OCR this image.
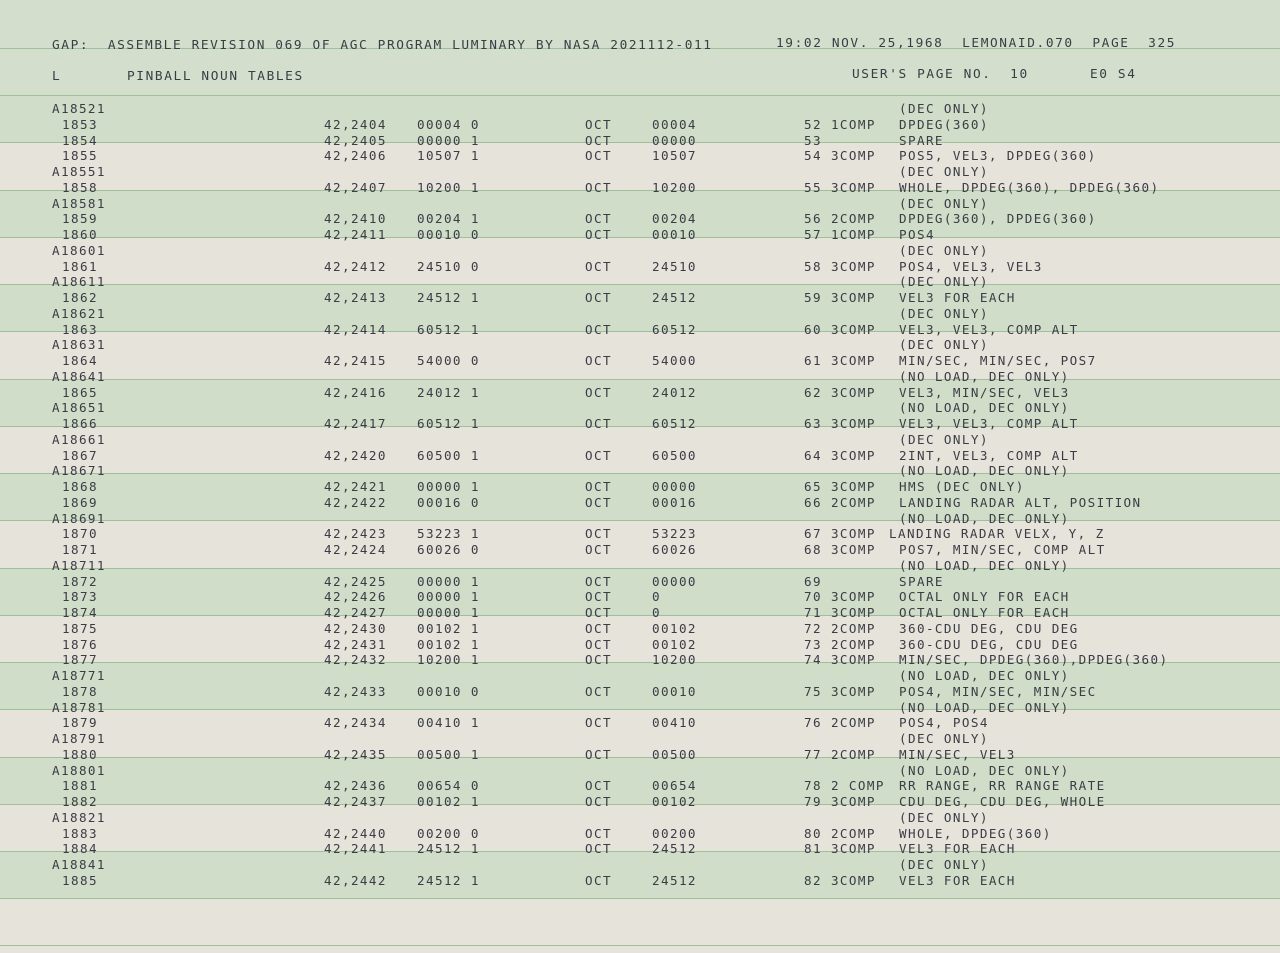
GAP:  ASSEMBLE REVISION 069 OF AGC PROGRAM LUMINARY BY NASA 2021112-011	19:02 NOV. 25,1968  LEMONAID.070  PAGE  325
L	PINBALL NOUN TABLES	USER'S PAGE NO.  10	E0 S4
A18521	(DEC ONLY)
1853	42,2404 00004 0	OCT	00004	52 1COMP DPDEG(360)
1854	42,2405 00000 1	OCT	00000	53	SPARE
1855	42,2406 10507 1	OCT	10507	54 3COMP POS5, VEL3, DPDEG(360)
A18551	(DEC ONLY)
1858	42,2407 10200 1	OCT	10200	55 3COMP WHOLE, DPDEG(360), DPDEG(360)
A18581	(DEC ONLY)
1859	42,2410 00204 1	OCT	00204	56 2COMP DPDEG(360), DPDEG(360)
1860	42,2411 00010 0	OCT	00010	57 1COMP POS4
A18601	(DEC ONLY)
1861	42,2412 24510 0	OCT	24510	58 3COMP POS4, VEL3, VEL3
A18611	(DEC ONLY)
1862	42,2413 24512 1	OCT	24512	59 3COMP VEL3 FOR EACH
A18621	(DEC ONLY)
1863	42,2414 60512 1	OCT	60512	60 3COMP VEL3, VEL3, COMP ALT
A18631	(DEC ONLY)
1864	42,2415 54000 0	OCT	54000	61 3COMP MIN/SEC, MIN/SEC, POS7
A18641	(NO LOAD, DEC ONLY)
1865	42,2416 24012 1	OCT	24012	62 3COMP VEL3, MIN/SEC, VEL3
A18651	(NO LOAD, DEC ONLY)
1866	42,2417 60512 1	OCT	60512	63 3COMP VEL3, VEL3, COMP ALT
A18661	(DEC ONLY)
1867	42,2420 60500 1	OCT	60500	64 3COMP 2INT, VEL3, COMP ALT
A18671	(NO LOAD, DEC ONLY)
1868	42,2421 00000 1	OCT	00000	65 3COMP HMS (DEC ONLY)
1869	42,2422 00016 0	OCT	00016	66 2COMP LANDING RADAR ALT, POSITION
A18691	(NO LOAD, DEC ONLY)
1870	42,2423 53223 1	OCT	53223	67 3COMP LANDING RADAR VELX, Y, Z
1871	42,2424 60026 0	OCT	60026	68 3COMP POS7, MIN/SEC, COMP ALT
A18711	(NO LOAD, DEC ONLY)
1872	42,2425 00000 1	OCT	00000	69	SPARE
1873	42,2426 00000 1	OCT	0	70 3COMP OCTAL ONLY FOR EACH
1874	42,2427 00000 1	OCT	0	71 3COMP OCTAL ONLY FOR EACH
1875	42,2430 00102 1	OCT	00102	72 2COMP 360-CDU DEG, CDU DEG
1876	42,2431 00102 1	OCT	00102	73 2COMP 360-CDU DEG, CDU DEG
1877	42,2432 10200 1	OCT	10200	74 3COMP MIN/SEC, DPDEG(360),DPDEG(360)
A18771	(NO LOAD, DEC ONLY)
1878	42,2433 00010 0	OCT	00010	75 3COMP POS4, MIN/SEC, MIN/SEC
A18781	(NO LOAD, DEC ONLY)
1879	42,2434 00410 1	OCT	00410	76 2COMP POS4, POS4
A18791	(DEC ONLY)
1880	42,2435 00500 1	OCT	00500	77 2COMP MIN/SEC, VEL3
A18801	(NO LOAD, DEC ONLY)
1881	42,2436 00654 0	OCT	00654	78 2 COMP RR RANGE, RR RANGE RATE
1882	42,2437 00102 1	OCT	00102	79 3COMP CDU DEG, CDU DEG, WHOLE
A18821	(DEC ONLY)
1883	42,2440 00200 0	OCT	00200	80 2COMP WHOLE, DPDEG(360)
1884	42,2441 24512 1	OCT	24512	81 3COMP VEL3 FOR EACH
A18841	(DEC ONLY)
1885	42,2442 24512 1	OCT	24512	82 3COMP VEL3 FOR EACH
